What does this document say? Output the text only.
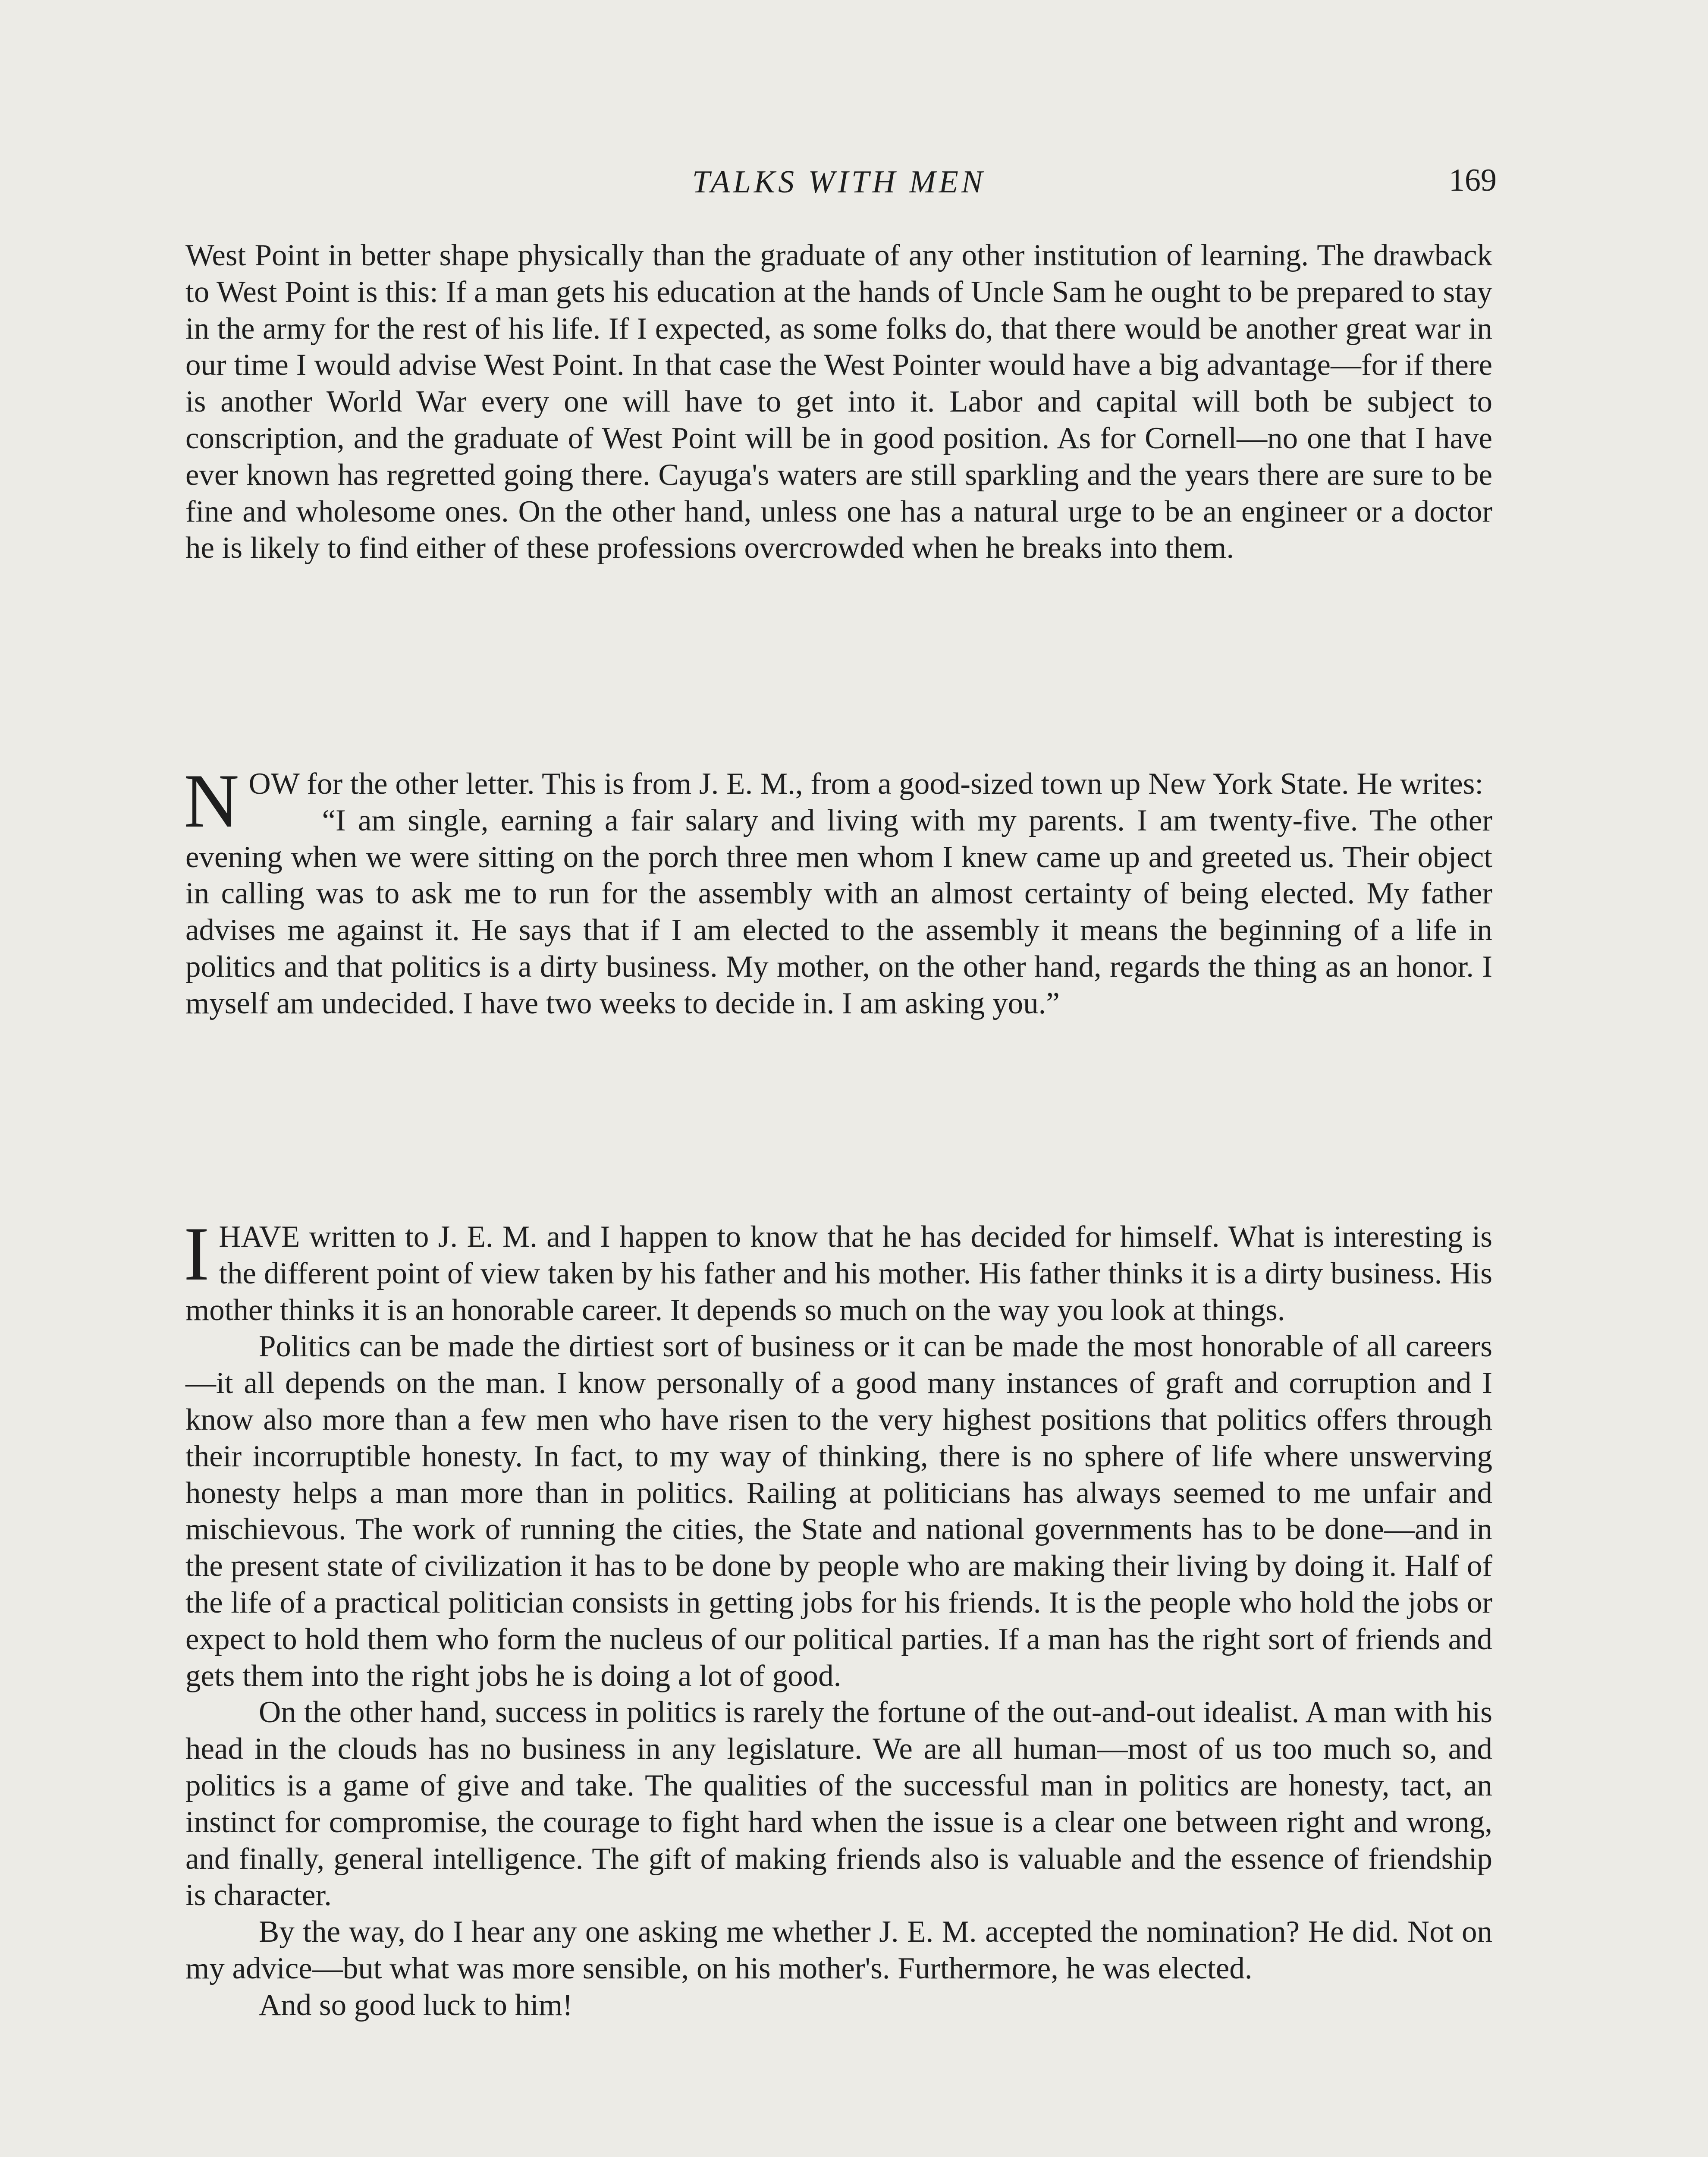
TALKS WITH MEN	169

West Point in better shape physically than the graduate of any other institution of learning. The drawback to West Point is this: If a man gets his education at the hands of Uncle Sam he ought to be prepared to stay in the army for the rest of his life. If I expected, as some folks do, that there would be another great war in our time I would advise West Point. In that case the West Pointer would have a big advantage—for if there is another World War every one will have to get into it. Labor and capital will both be subject to conscription, and the graduate of West Point will be in good position. As for Cornell—no one that I have ever known has regretted going there. Cayuga's waters are still sparkling and the years there are sure to be fine and wholesome ones. On the other hand, unless one has a natural urge to be an engineer or a doctor he is likely to find either of these professions overcrowded when he breaks into them.

N OW for the other letter. This is from J. E. M., from a good-sized town up New York State. He writes:

“I am single, earning a fair salary and living with my parents. I am twenty-five. The other evening when we were sitting on the porch three men whom I knew came up and greeted us. Their object in calling was to ask me to run for the assembly with an almost certainty of being elected. My father advises me against it. He says that if I am elected to the assembly it means the beginning of a life in politics and that politics is a dirty business. My mother, on the other hand, regards the thing as an honor. I myself am undecided. I have two weeks to decide in. I am asking you.”

I HAVE written to J. E. M. and I happen to know that he has decided for himself. What is interesting is the different point of view taken by his father and his mother. His father thinks it is a dirty business. His mother thinks it is an honorable career. It depends so much on the way you look at things.

Politics can be made the dirtiest sort of business or it can be made the most honorable of all careers—it all depends on the man. I know personally of a good many instances of graft and corruption and I know also more than a few men who have risen to the very highest positions that politics offers through their incorruptible honesty. In fact, to my way of thinking, there is no sphere of life where unswerving honesty helps a man more than in politics. Railing at politicians has always seemed to me unfair and mischievous. The work of running the cities, the State and national governments has to be done—and in the present state of civilization it has to be done by people who are making their living by doing it. Half of the life of a practical politician consists in getting jobs for his friends. It is the people who hold the jobs or expect to hold them who form the nucleus of our political parties. If a man has the right sort of friends and gets them into the right jobs he is doing a lot of good.

On the other hand, success in politics is rarely the fortune of the out-and-out idealist. A man with his head in the clouds has no business in any legislature. We are all human—most of us too much so, and politics is a game of give and take. The qualities of the successful man in politics are honesty, tact, an instinct for compromise, the courage to fight hard when the issue is a clear one between right and wrong, and finally, general intelligence. The gift of making friends also is valuable and the essence of friendship is character.

By the way, do I hear any one asking me whether J. E. M. accepted the nomination? He did. Not on my advice—but what was more sensible, on his mother's. Furthermore, he was elected.

And so good luck to him!
